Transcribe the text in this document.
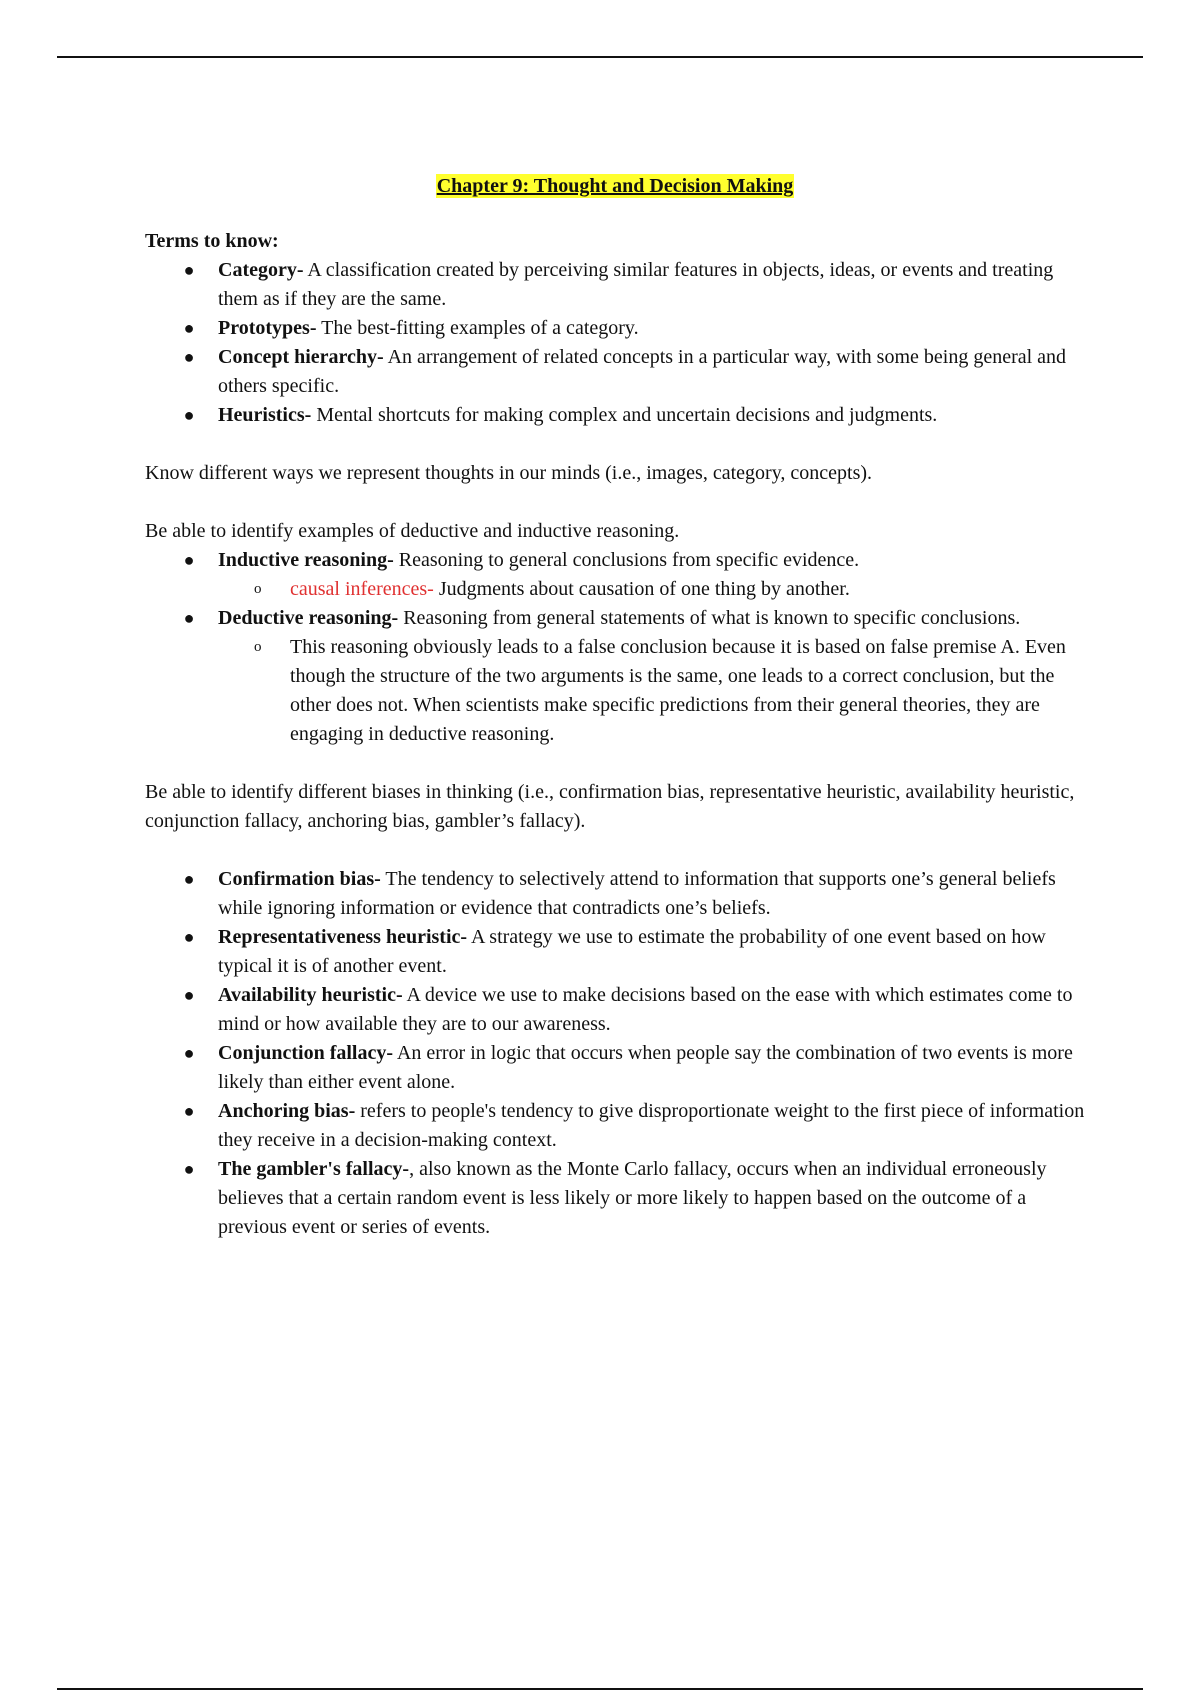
Chapter 9: Thought and Decision Making

Terms to know:

● Category- A classification created by perceiving similar features in objects, ideas, or events and treating them as if they are the same.
● Prototypes- The best-fitting examples of a category.
● Concept hierarchy- An arrangement of related concepts in a particular way, with some being general and others specific.
● Heuristics- Mental shortcuts for making complex and uncertain decisions and judgments.

Know different ways we represent thoughts in our minds (i.e., images, category, concepts).

Be able to identify examples of deductive and inductive reasoning.

● Inductive reasoning- Reasoning to general conclusions from specific evidence.
o causal inferences- Judgments about causation of one thing by another.
● Deductive reasoning- Reasoning from general statements of what is known to specific conclusions.
o This reasoning obviously leads to a false conclusion because it is based on false premise A. Even though the structure of the two arguments is the same, one leads to a correct conclusion, but the other does not. When scientists make specific predictions from their general theories, they are engaging in deductive reasoning.

Be able to identify different biases in thinking (i.e., confirmation bias, representative heuristic, availability heuristic, conjunction fallacy, anchoring bias, gambler’s fallacy).

● Confirmation bias- The tendency to selectively attend to information that supports one’s general beliefs while ignoring information or evidence that contradicts one’s beliefs.
● Representativeness heuristic- A strategy we use to estimate the probability of one event based on how typical it is of another event.
● Availability heuristic- A device we use to make decisions based on the ease with which estimates come to mind or how available they are to our awareness.
● Conjunction fallacy- An error in logic that occurs when people say the combination of two events is more likely than either event alone.
● Anchoring bias- refers to people's tendency to give disproportionate weight to the first piece of information they receive in a decision-making context.
● The gambler's fallacy-, also known as the Monte Carlo fallacy, occurs when an individual erroneously believes that a certain random event is less likely or more likely to happen based on the outcome of a previous event or series of events.
